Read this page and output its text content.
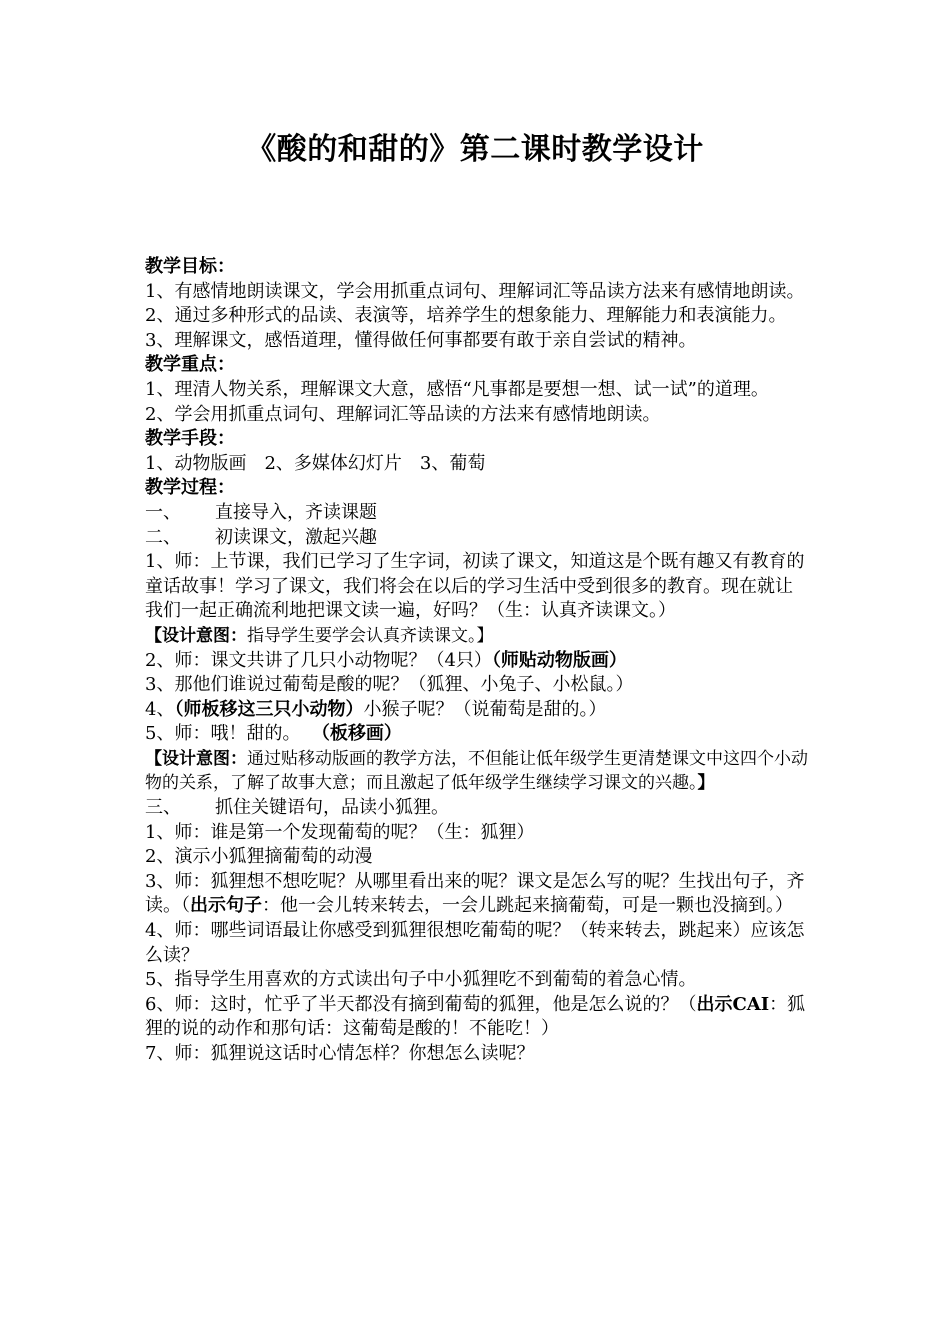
《酸的和甜的》第二课时教学设计
教学目标：
1、有感情地朗读课文，学会用抓重点词句、理解词汇等品读方法来有感情地朗读。
2、通过多种形式的品读、表演等，培养学生的想象能力、理解能力和表演能力。
3、理解课文，感悟道理，懂得做任何事都要有敢于亲自尝试的精神。
教学重点：
1、理清人物关系，理解课文大意，感悟“凡事都是要想一想、试一试”的道理。
2、学会用抓重点词句、理解词汇等品读的方法来有感情地朗读。
教学手段：
1、动物版画　2、多媒体幻灯片　3、葡萄
教学过程：
一、 直接导入，齐读课题
二、 初读课文，激起兴趣
1、师：上节课，我们已学习了生字词，初读了课文，知道这是个既有趣又有教育的童话故事！学习了课文，我们将会在以后的学习生活中受到很多的教育。现在就让我们一起正确流利地把课文读一遍，好吗？（生：认真齐读课文。）
【设计意图：指导学生要学会认真齐读课文。】
2、师：课文共讲了几只小动物呢？（4只）（师贴动物版画）
3、那他们谁说过葡萄是酸的呢？（狐狸、小兔子、小松鼠。）
4、（师板移这三只小动物）小猴子呢？（说葡萄是甜的。）
5、师：哦！甜的。 （板移画）
【设计意图：通过贴移动版画的教学方法，不但能让低年级学生更清楚课文中这四个小动物的关系，了解了故事大意；而且激起了低年级学生继续学习课文的兴趣。】
三、 抓住关键语句，品读小狐狸。
1、师：谁是第一个发现葡萄的呢？（生：狐狸）
2、演示小狐狸摘葡萄的动漫
3、师：狐狸想不想吃呢？从哪里看出来的呢？课文是怎么写的呢？生找出句子，齐读。（出示句子：他一会儿转来转去，一会儿跳起来摘葡萄，可是一颗也没摘到。）
4、师：哪些词语最让你感受到狐狸很想吃葡萄的呢？（转来转去，跳起来）应该怎么读？
5、指导学生用喜欢的方式读出句子中小狐狸吃不到葡萄的着急心情。
6、师：这时，忙乎了半天都没有摘到葡萄的狐狸，他是怎么说的？（出示CAI：狐狸的说的动作和那句话：这葡萄是酸的！不能吃！）
7、师：狐狸说这话时心情怎样？你想怎么读呢？
